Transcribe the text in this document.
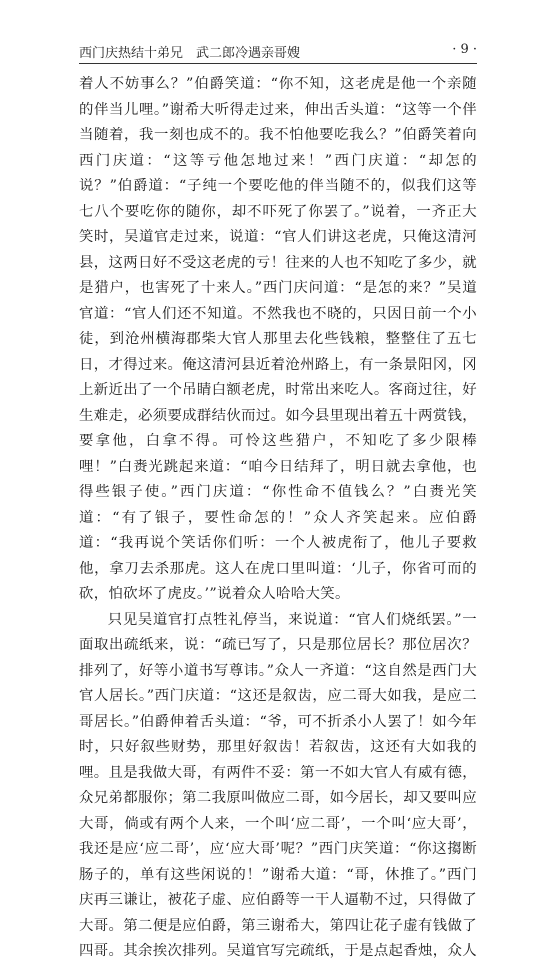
西门庆热结十弟兄　武二郎冷遇亲哥嫂	· 9 ·

着人不妨事么？”伯爵笑道：“你不知，这老虎是他一个亲随的伴当儿哩。”谢希大听得走过来，伸出舌头道：“这等一个伴当随着，我一刻也成不的。我不怕他要吃我么？”伯爵笑着向西门庆道：“这等亏他怎地过来！”西门庆道：“却怎的说？”伯爵道：“子纯一个要吃他的伴当随不的，似我们这等七八个要吃你的随你，却不吓死了你罢了。”说着，一齐正大笑时，吴道官走过来，说道：“官人们讲这老虎，只俺这清河县，这两日好不受这老虎的亏！往来的人也不知吃了多少，就是猎户，也害死了十来人。”西门庆问道：“是怎的来？”吴道官道：“官人们还不知道。不然我也不晓的，只因日前一个小徒，到沧州横海郡柴大官人那里去化些钱粮，整整住了五七日，才得过来。俺这清河县近着沧州路上，有一条景阳冈，冈上新近出了一个吊睛白额老虎，时常出来吃人。客商过往，好生难走，必须要成群结伙而过。如今县里现出着五十两赏钱，要拿他，白拿不得。可怜这些猎户，不知吃了多少限棒哩！”白赉光跳起来道：“咱今日结拜了，明日就去拿他，也得些银子使。”西门庆道：“你性命不值钱么？”白赉光笑道：“有了银子，要性命怎的！”众人齐笑起来。应伯爵道：“我再说个笑话你们听：一个人被虎衔了，他儿子要救他，拿刀去杀那虎。这人在虎口里叫道：‘儿子，你省可而的砍，怕砍坏了虎皮。’”说着众人哈哈大笑。

只见吴道官打点牲礼停当，来说道：“官人们烧纸罢。”一面取出疏纸来，说：“疏已写了，只是那位居长？那位居次？排列了，好等小道书写尊讳。”众人一齐道：“这自然是西门大官人居长。”西门庆道：“这还是叙齿，应二哥大如我，是应二哥居长。”伯爵伸着舌头道：“爷，可不折杀小人罢了！如今年时，只好叙些财势，那里好叙齿！若叙齿，这还有大如我的哩。且是我做大哥，有两件不妥：第一不如大官人有威有德，众兄弟都服你；第二我原叫做应二哥，如今居长，却又要叫应大哥，倘或有两个人来，一个叫‘应二哥’，一个叫‘应大哥’，我还是应‘应二哥’，应‘应大哥’呢？”西门庆笑道：“你这搊断肠子的，单有这些闲说的！”谢希大道：“哥，休推了。”西门庆再三谦让，被花子虚、应伯爵等一干人逼勒不过，只得做了大哥。第二便是应伯爵，第三谢希大，第四让花子虚有钱做了四哥。其余挨次排列。吴道官写完疏纸，于是点起香烛，众人
